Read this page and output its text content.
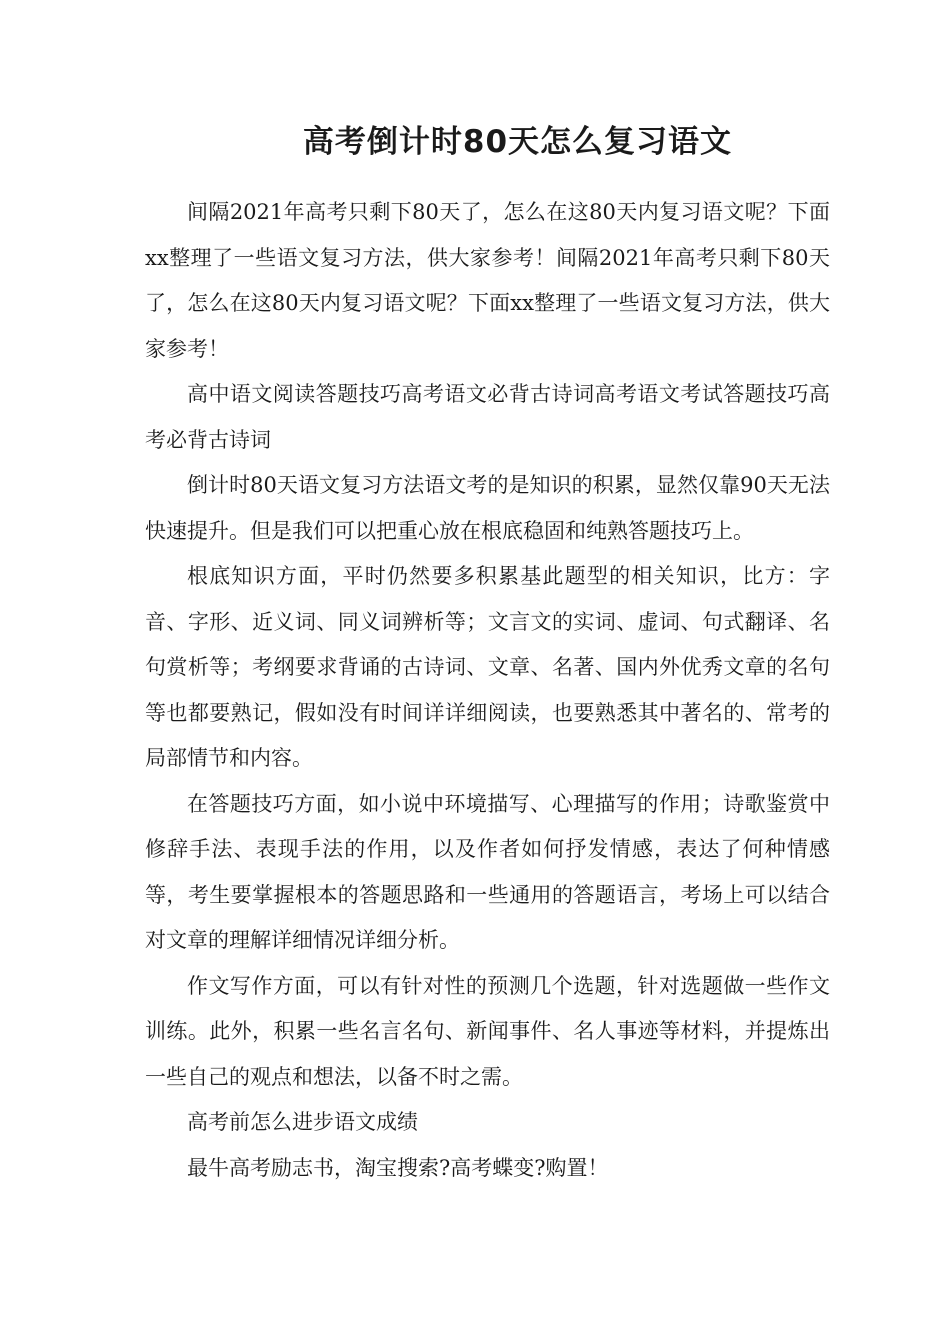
高考倒计时80天怎么复习语文

间隔2021年高考只剩下80天了，怎么在这80天内复习语文呢？下面xx整理了一些语文复习方法，供大家参考！间隔2021年高考只剩下80天了，怎么在这80天内复习语文呢？下面xx整理了一些语文复习方法，供大家参考！

高中语文阅读答题技巧高考语文必背古诗词高考语文考试答题技巧高考必背古诗词

倒计时80天语文复习方法语文考的是知识的积累，显然仅靠90天无法快速提升。但是我们可以把重心放在根底稳固和纯熟答题技巧上。

根底知识方面，平时仍然要多积累基此题型的相关知识，比方：字音、字形、近义词、同义词辨析等；文言文的实词、虚词、句式翻译、名句赏析等；考纲要求背诵的古诗词、文章、名著、国内外优秀文章的名句等也都要熟记，假如没有时间详详细阅读，也要熟悉其中著名的、常考的局部情节和内容。

在答题技巧方面，如小说中环境描写、心理描写的作用；诗歌鉴赏中修辞手法、表现手法的作用，以及作者如何抒发情感，表达了何种情感等，考生要掌握根本的答题思路和一些通用的答题语言，考场上可以结合对文章的理解详细情况详细分析。

作文写作方面，可以有针对性的预测几个选题，针对选题做一些作文训练。此外，积累一些名言名句、新闻事件、名人事迹等材料，并提炼出一些自己的观点和想法，以备不时之需。

高考前怎么进步语文成绩

最牛高考励志书，淘宝搜索?高考蝶变?购置！
